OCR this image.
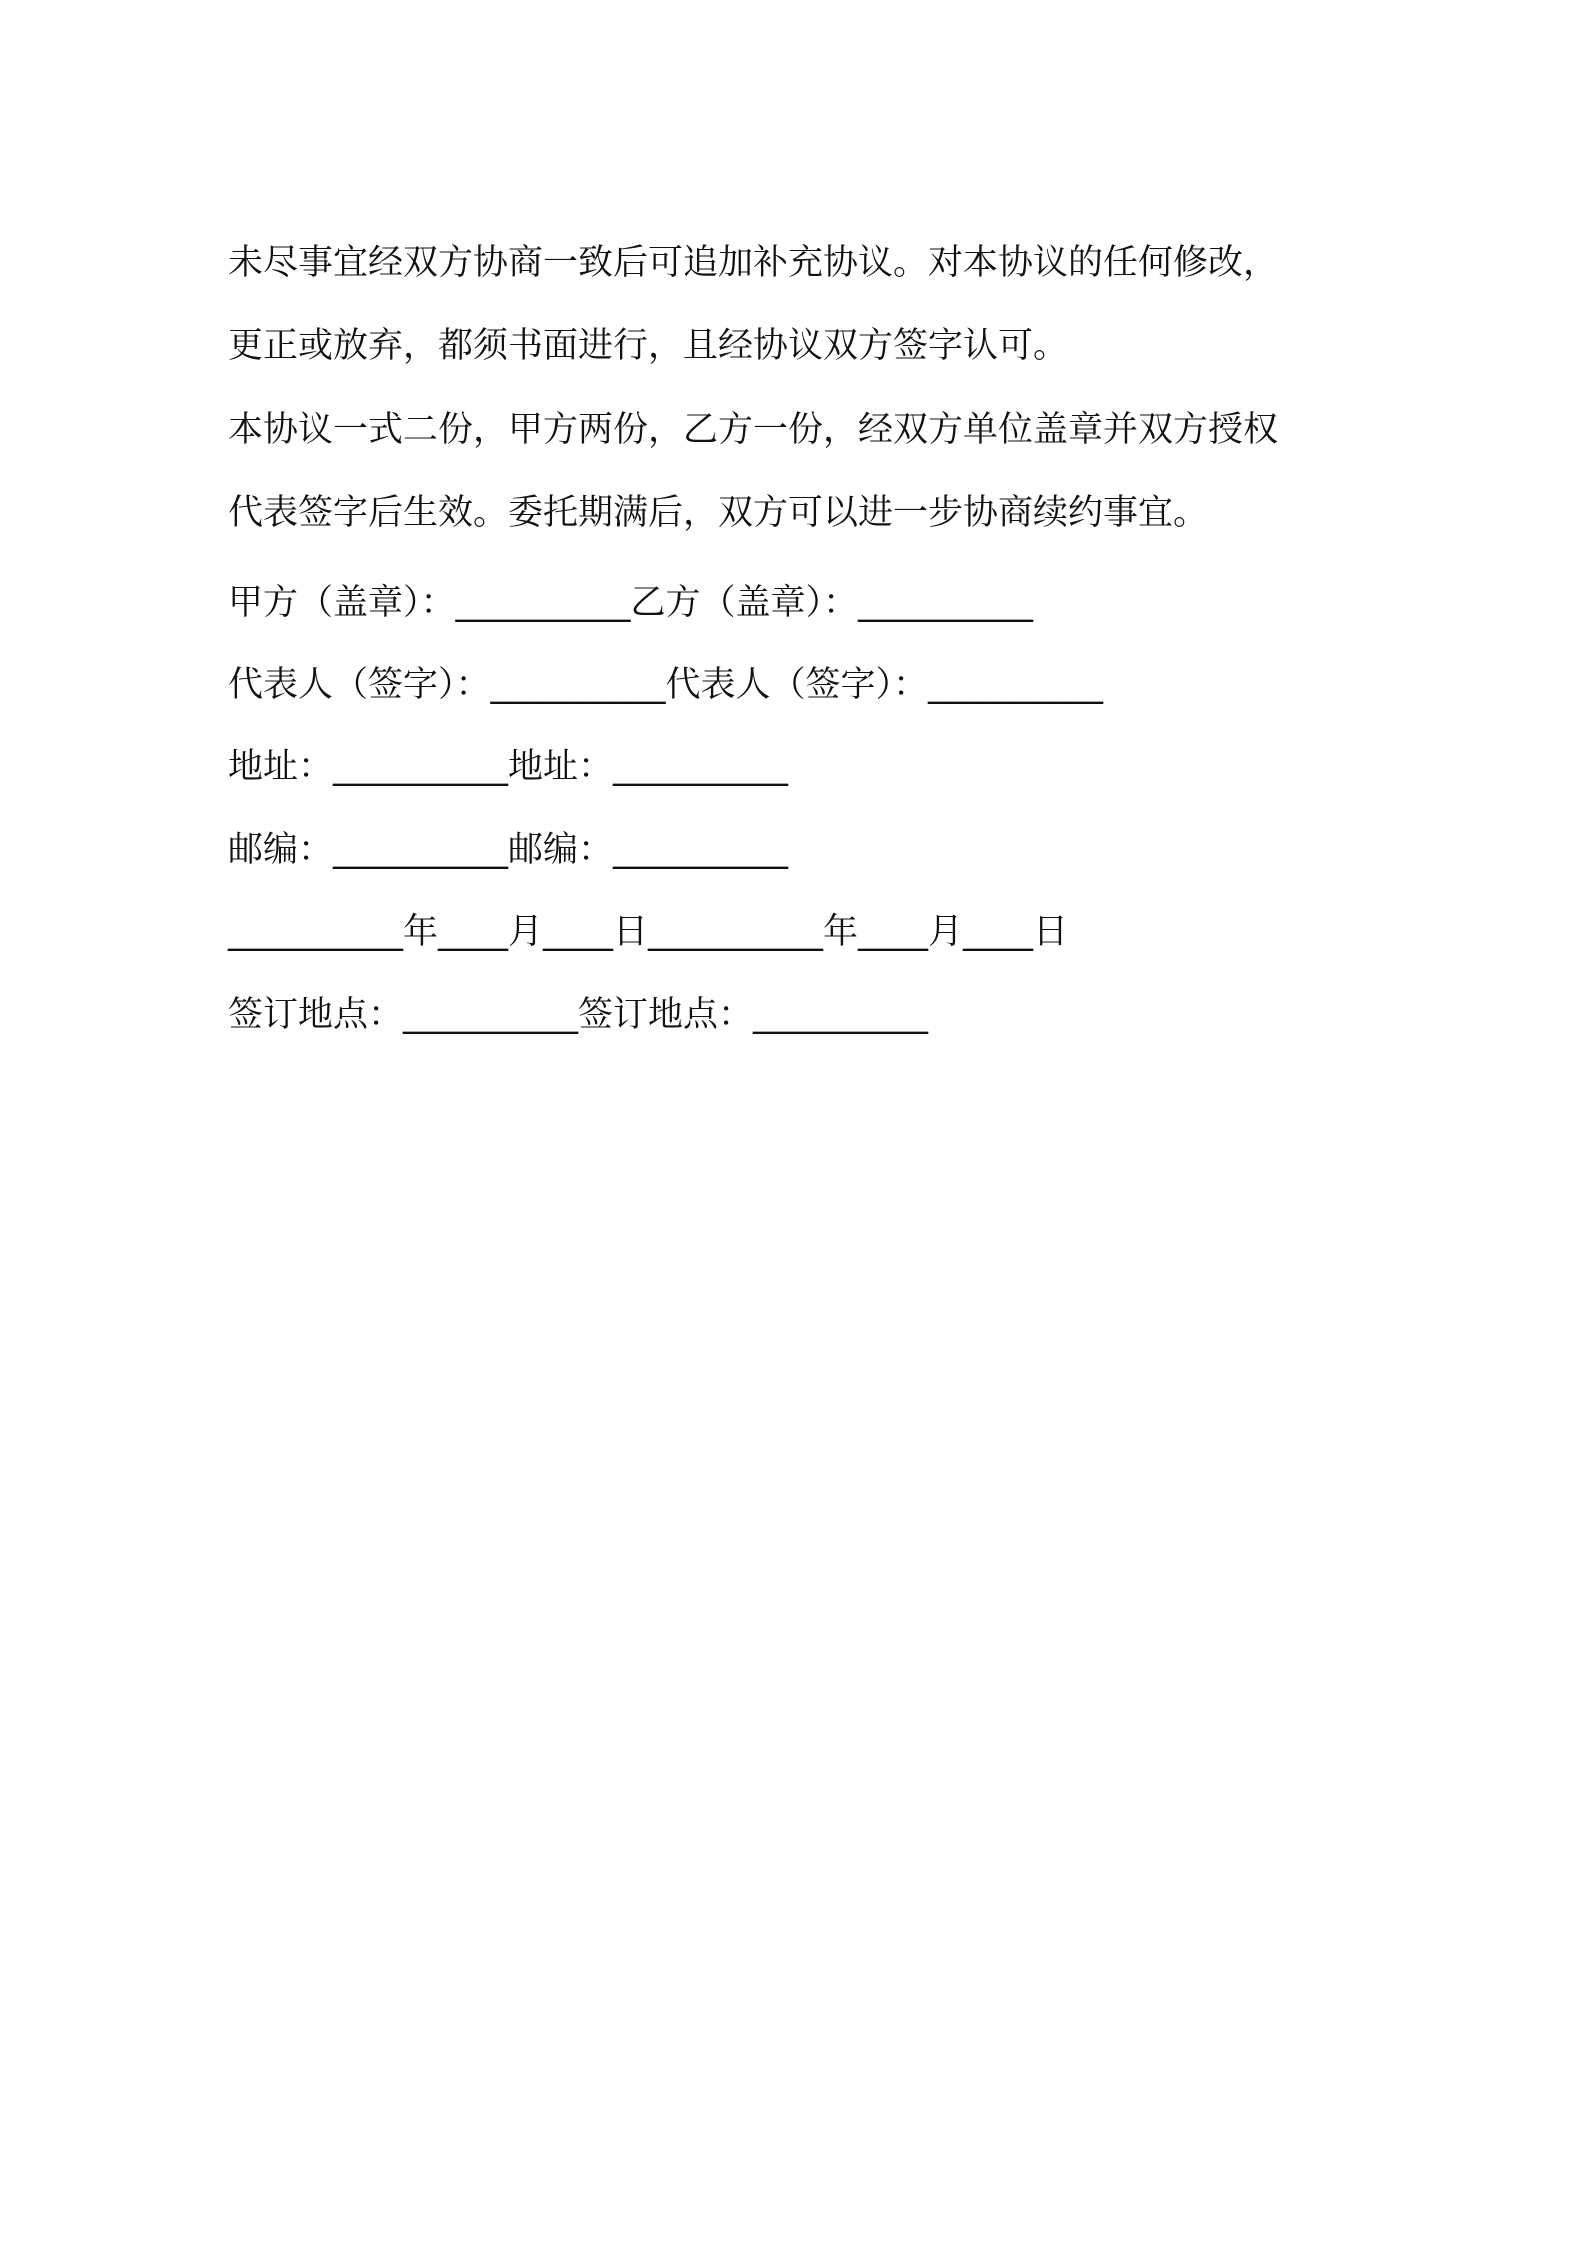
未尽事宜经双方协商一致后可追加补充协议。对本协议的任何修改，
更正或放弃，都须书面进行，且经协议双方签字认可。
本协议一式二份，甲方两份，乙方一份，经双方单位盖章并双方授权
代表签字后生效。委托期满后，双方可以进一步协商续约事宜。
甲方（盖章）：__________乙方（盖章）：__________
代表人（签字）：__________代表人（签字）：__________
地址：__________地址：__________
邮编：__________邮编：__________
__________年____月____日__________年____月____日
签订地点：__________签订地点：__________
